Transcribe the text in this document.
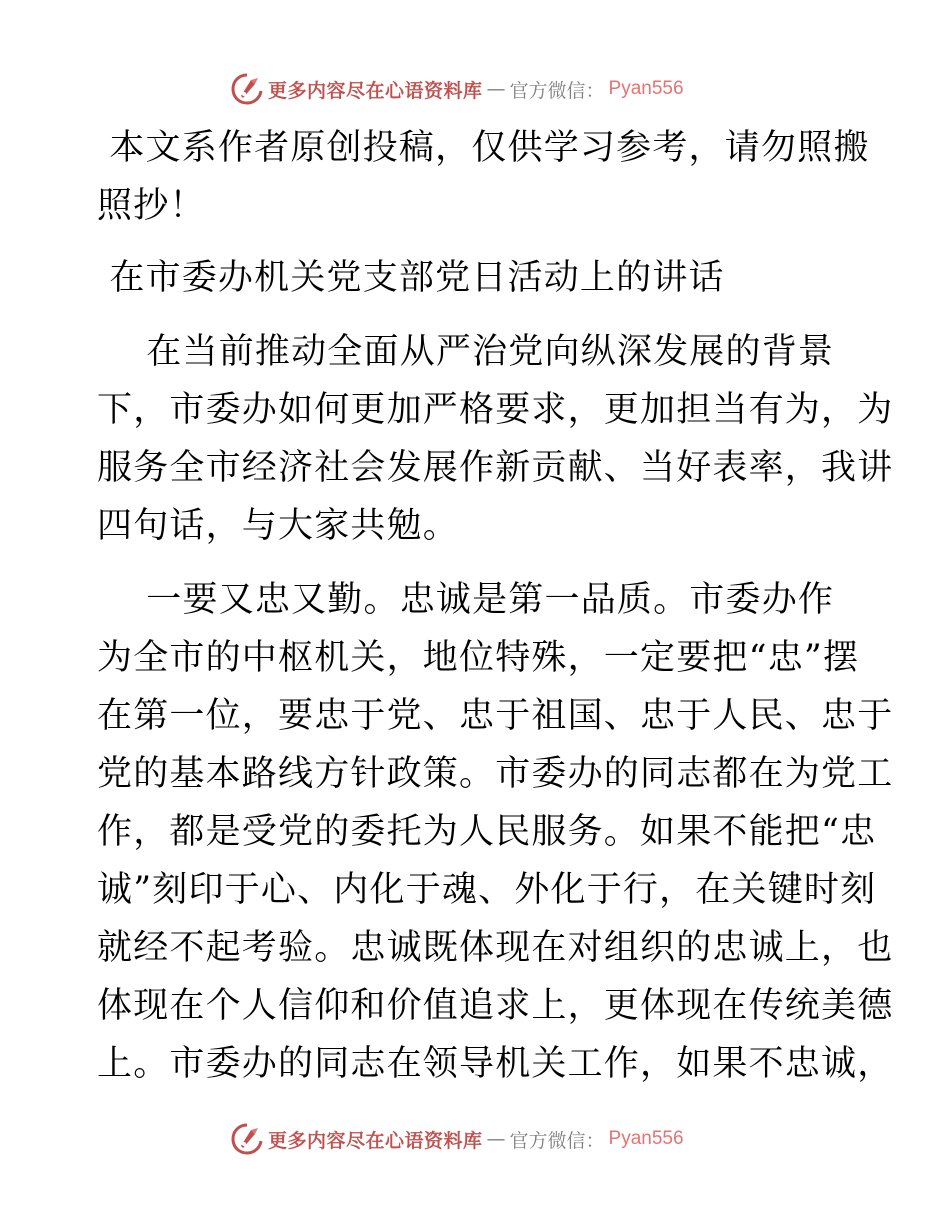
更多内容尽在心语资料库 — 官方微信： Pyan556
本文系作者原创投稿，仅供学习参考，请勿照搬
照抄！
在市委办机关党支部党日活动上的讲话
在当前推动全面从严治党向纵深发展的背景
下，市委办如何更加严格要求，更加担当有为，为
服务全市经济社会发展作新贡献、当好表率，我讲
四句话，与大家共勉。
一要又忠又勤。忠诚是第一品质。市委办作
为全市的中枢机关，地位特殊，一定要把“忠”摆
在第一位，要忠于党、忠于祖国、忠于人民、忠于
党的基本路线方针政策。市委办的同志都在为党工
作，都是受党的委托为人民服务。如果不能把“忠
诚”刻印于心、内化于魂、外化于行，在关键时刻
就经不起考验。忠诚既体现在对组织的忠诚上，也
体现在个人信仰和价值追求上，更体现在传统美德
上。市委办的同志在领导机关工作，如果不忠诚，
更多内容尽在心语资料库 — 官方微信： Pyan556
